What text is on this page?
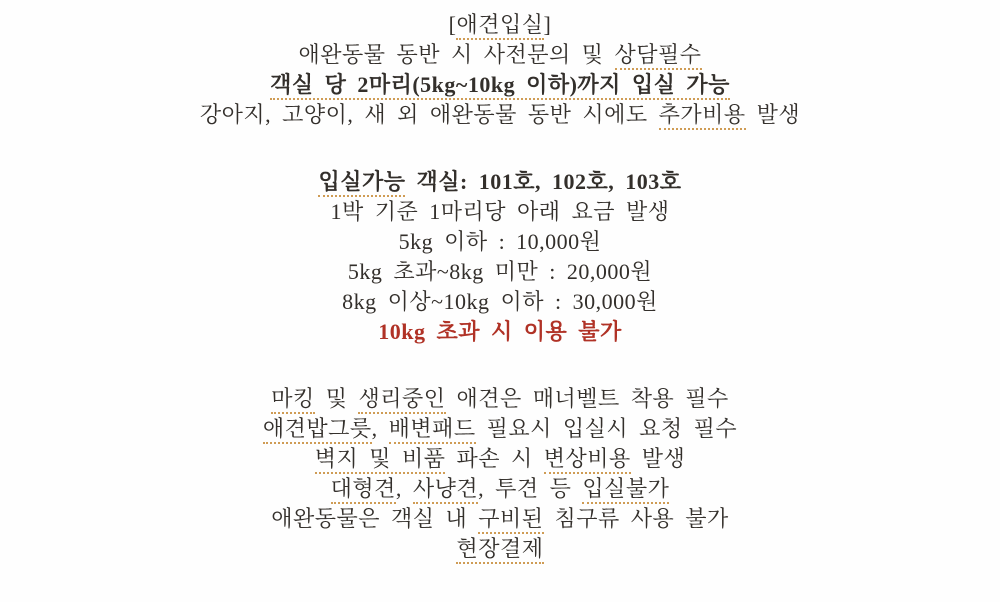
[애견입실]
애완동물 동반 시 사전문의 및 상담필수
객실 당 2마리(5kg~10kg 이하)까지 입실 가능
강아지, 고양이, 새 외 애완동물 동반 시에도 추가비용 발생
입실가능 객실: 101호, 102호, 103호
1박 기준 1마리당 아래 요금 발생
5kg 이하 : 10,000원
5kg 초과~8kg 미만 : 20,000원
8kg 이상~10kg 이하 : 30,000원
10kg 초과 시 이용 불가
마킹 및 생리중인 애견은 매너벨트 착용 필수
애견밥그릇, 배변패드 필요시 입실시 요청 필수
벽지 및 비품 파손 시 변상비용 발생
대형견, 사냥견, 투견 등 입실불가
애완동물은 객실 내 구비된 침구류 사용 불가
현장결제
